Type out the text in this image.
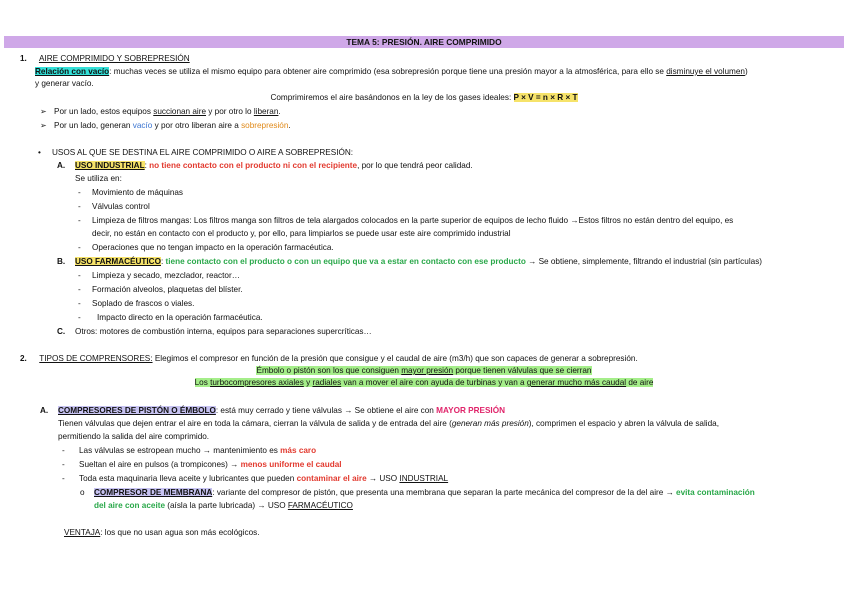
TEMA 5: PRESIÓN. AIRE COMPRIMIDO
1. AIRE COMPRIMIDO Y SOBREPRESIÓN
Relación con vacío: muchas veces se utiliza el mismo equipo para obtener aire comprimido (esa sobrepresión porque tiene una presión mayor a la atmosférica, para ello se disminuye el volumen)
y generar vacío.
Comprimiremos el aire basándonos en la ley de los gases ideales: P × V = n × R × T
➢ Por un lado, estos equipos succionan aire y por otro lo liberan.
➢ Por un lado, generan vacío y por otro liberan aire a sobrepresión.
• USOS AL QUE SE DESTINA EL AIRE COMPRIMIDO O AIRE A SOBREPRESIÓN:
A. USO INDUSTRIAL: no tiene contacto con el producto ni con el recipiente, por lo que tendrá peor calidad.
Se utiliza en:
- Movimiento de máquinas
- Válvulas control
- Limpieza de filtros mangas: Los filtros manga son filtros de tela alargados colocados en la parte superior de equipos de lecho fluido →Estos filtros no están dentro del equipo, es
decir, no están en contacto con el producto y, por ello, para limpiarlos se puede usar este aire comprimido industrial
- Operaciones que no tengan impacto en la operación farmacéutica.
B. USO FARMACÉUTICO: tiene contacto con el producto o con un equipo que va a estar en contacto con ese producto → Se obtiene, simplemente, filtrando el industrial (sin partículas)
- Limpieza y secado, mezclador, reactor…
- Formación alveolos, plaquetas del blíster.
- Soplado de frascos o viales.
- Impacto directo en la operación farmacéutica.
C. Otros: motores de combustión interna, equipos para separaciones supercríticas…
2. TIPOS DE COMPRENSORES: Elegimos el compresor en función de la presión que consigue y el caudal de aire (m3/h) que son capaces de generar a sobrepresión.
Émbolo o pistón son los que consiguen mayor presión porque tienen válvulas que se cierran
Los turbocompresores axiales y radiales van a mover el aire con ayuda de turbinas y van a generar mucho más caudal de aire
A. COMPRESORES DE PISTÓN O ÉMBOLO: está muy cerrado y tiene válvulas → Se obtiene el aire con MAYOR PRESIÓN
Tienen válvulas que dejen entrar el aire en toda la cámara, cierran la válvula de salida y de entrada del aire (generan más presión), comprimen el espacio y abren la válvula de salida,
permitiendo la salida del aire comprimido.
- Las válvulas se estropean mucho → mantenimiento es más caro
- Sueltan el aire en pulsos (a trompicones) → menos uniforme el caudal
- Toda esta maquinaria lleva aceite y lubricantes que pueden contaminar el aire → USO INDUSTRIAL
o COMPRESOR DE MEMBRANA: variante del compresor de pistón, que presenta una membrana que separan la parte mecánica del compresor de la del aire → evita contaminación
del aire con aceite (aísla la parte lubricada) → USO FARMACÉUTICO
VENTAJA: los que no usan agua son más ecológicos.
